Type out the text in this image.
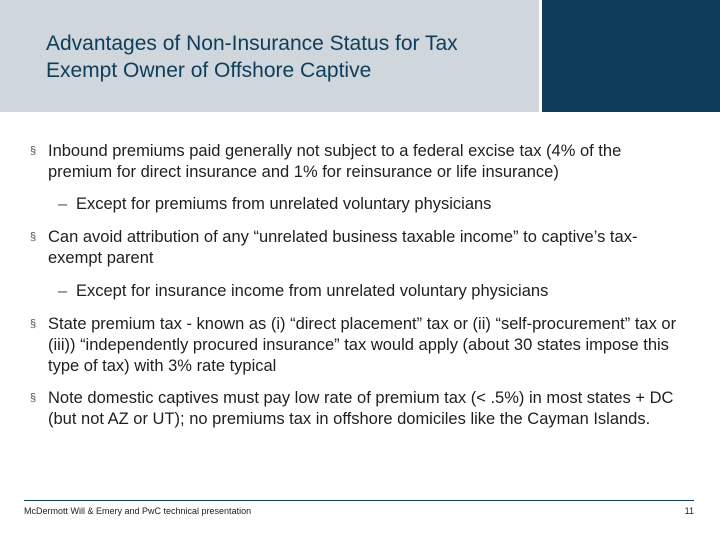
Advantages of Non-Insurance Status for Tax
Exempt Owner of Offshore Captive
§ Inbound premiums paid generally not subject to a federal excise tax (4% of the premium for direct insurance and 1% for reinsurance or life insurance)
– Except for premiums from unrelated voluntary physicians
§ Can avoid attribution of any “unrelated business taxable income” to captive’s tax-exempt parent
– Except for insurance income from unrelated voluntary physicians
§ State premium tax - known as (i) “direct placement” tax or (ii) “self-procurement” tax or (iii)) “independently procured insurance” tax would apply (about 30 states impose this type of tax) with 3% rate typical
§ Note domestic captives must pay low rate of premium tax (< .5%) in most states + DC (but not AZ or UT); no premiums tax in offshore domiciles like the Cayman Islands.
McDermott Will & Emery and PwC technical presentation	11
